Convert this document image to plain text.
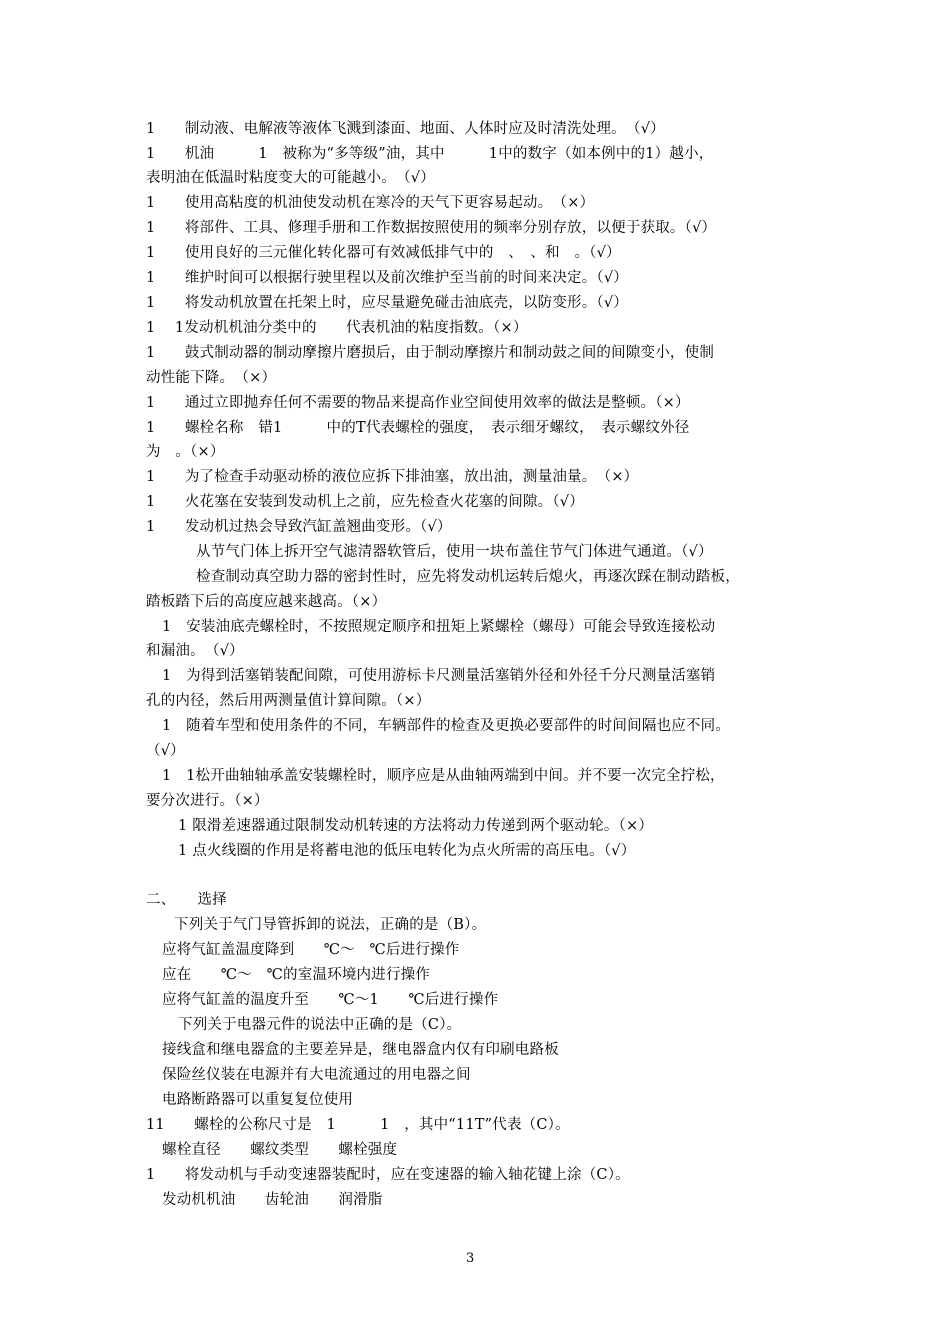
1　　制动液、电解液等液体飞溅到漆面、地面、人体时应及时清洗处理。　（√）
1　　机油　　　1　被称为“多等级”油，其中　　　1中的数字（如本例中的1）越小，
表明油在低温时粘度变大的可能越小。　（√）
1　　使用高粘度的机油使发动机在寒冷的天气下更容易起动。　（×）
1　　将部件、工具、修理手册和工作数据按照使用的频率分别存放，以便于获取。（√）
1　　使用良好的三元催化转化器可有效减低排气中的　、　、和　。（√）
1　　维护时间可以根据行驶里程以及前次维护至当前的时间来决定。（√）
1　　将发动机放置在托架上时，应尽量避免碰击油底壳，以防变形。（√）
1　 1发动机机油分类中的　　代表机油的粘度指数。（×）
1　　鼓式制动器的制动摩擦片磨损后，由于制动摩擦片和制动鼓之间的间隙变小，使制
动性能下降。　（×）
1　　通过立即抛弃任何不需要的物品来提高作业空间使用效率的做法是整顿。（×）
1　　螺栓名称　错1　　　中的T代表螺栓的强度，　表示细牙螺纹，　表示螺纹外径
为　。（×）
1　　为了检查手动驱动桥的液位应拆下排油塞，放出油，测量油量。　（×）
1　　火花塞在安装到发动机上之前，应先检查火花塞的间隙。（√）
1　　发动机过热会导致汽缸盖翘曲变形。（√）
从节气门体上拆开空气滤清器软管后，使用一块布盖住节气门体进气通道。（√）
检查制动真空助力器的密封性时，应先将发动机运转后熄火，再逐次踩在制动踏板，
踏板踏下后的高度应越来越高。（×）
1　安装油底壳螺栓时，不按照规定顺序和扭矩上紧螺栓（螺母）可能会导致连接松动
和漏油。　（√）
1　为得到活塞销装配间隙，可使用游标卡尺测量活塞销外径和外径千分尺测量活塞销
孔的内径，然后用两测量值计算间隙。（×）
1　随着车型和使用条件的不同，车辆部件的检查及更换必要部件的时间间隔也应不同。
（√）
1　1松开曲轴轴承盖安装螺栓时，顺序应是从曲轴两端到中间。并不要一次完全拧松，
要分次进行。（×）
1 限滑差速器通过限制发动机转速的方法将动力传递到两个驱动轮。（×）
1 点火线圈的作用是将蓄电池的低压电转化为点火所需的高压电。（√）
二、　　选择
下列关于气门导管拆卸的说法，正确的是（B）。
应将气缸盖温度降到　　℃～　℃后进行操作
应在　　℃～　℃的室温环境内进行操作
应将气缸盖的温度升至　　℃～1　　℃后进行操作
下列关于电器元件的说法中正确的是（C）。
接线盒和继电器盒的主要差异是，继电器盒内仅有印刷电路板
保险丝仪装在电源并有大电流通过的用电器之间
电路断路器可以重复复位使用
11　　螺栓的公称尺寸是　1　　　1　，其中“11T”代表（C）。
螺栓直径　　螺纹类型　　螺栓强度
1　　将发动机与手动变速器装配时，应在变速器的输入轴花键上涂（C）。
发动机机油　　齿轮油　　润滑脂
3
